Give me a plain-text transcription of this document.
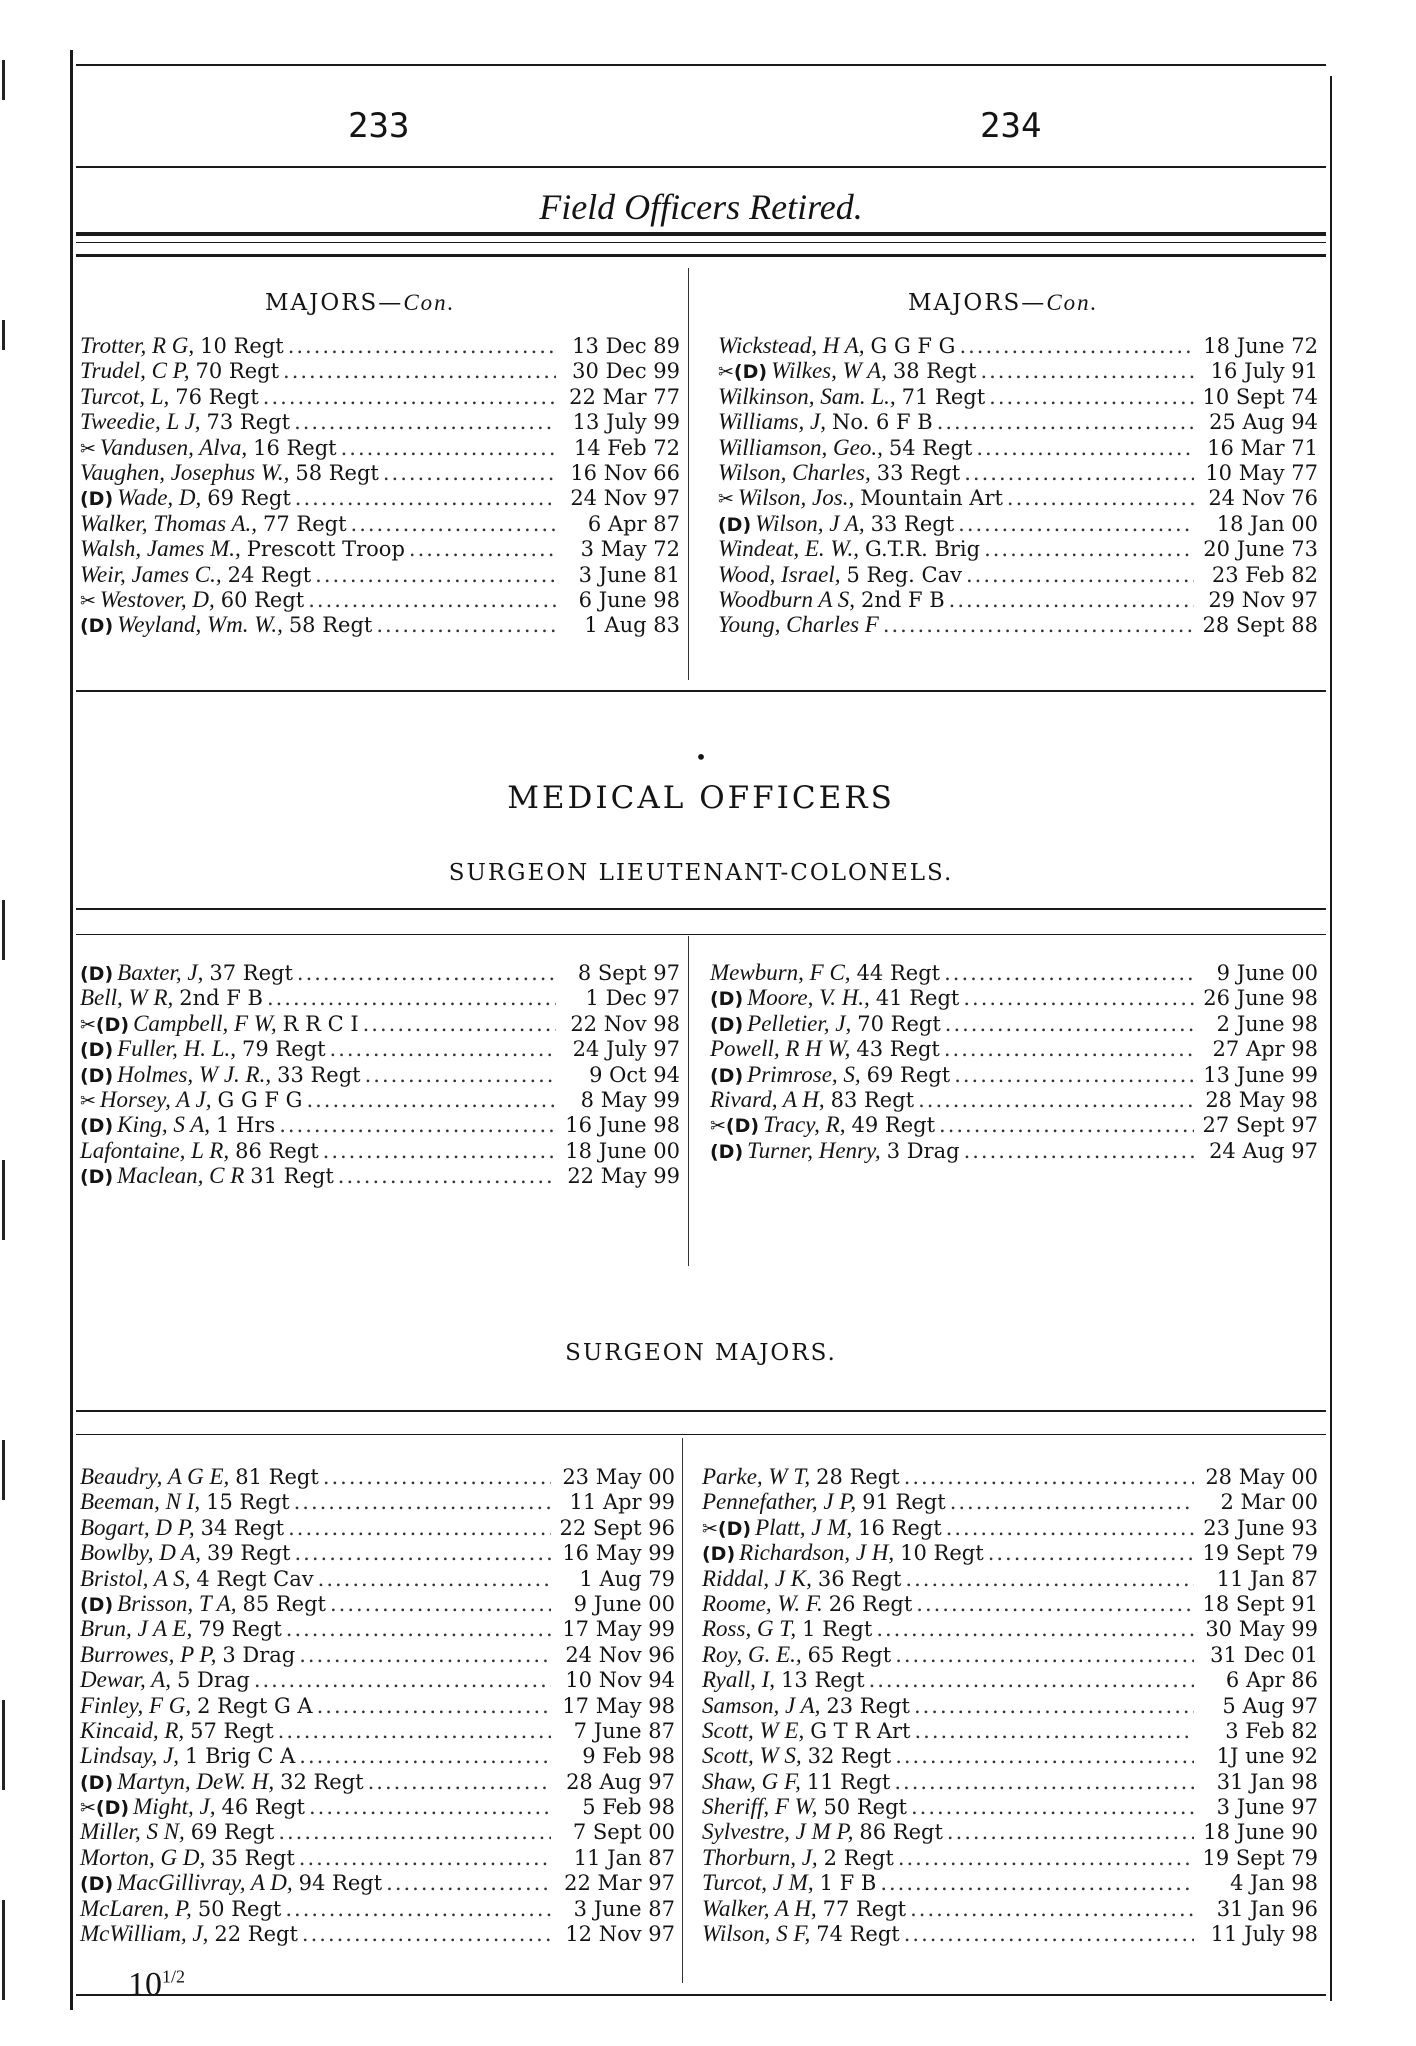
233	234
Field Officers Retired.
MAJORS—Con.	MAJORS—Con.
Trotter, R G, 10 Regt .....	13 Dec 89
Trudel, C P, 70 Regt .....	30 Dec 99
Turcot, L, 76 Regt .....	22 Mar 77
Tweedie, L J, 73 Regt .....	13 July 99
✂ Vandusen, Alva, 16 Regt .....	14 Feb 72
Vaughen, Josephus W., 58 Regt .....	16 Nov 66
(D) Wade, D, 69 Regt .....	24 Nov 97
Walker, Thomas A., 77 Regt .....	6 Apr 87
Walsh, James M., Prescott Troop .....	3 May 72
Weir, James C., 24 Regt .....	3 June 81
✂ Westover, D, 60 Regt .....	6 June 98
(D) Weyland, Wm. W., 58 Regt .....	1 Aug 83
Wickstead, H A, G G F G .....	18 June 72
✂(D) Wilkes, W A, 38 Regt .....	16 July 91
Wilkinson, Sam. L., 71 Regt .....	10 Sept 74
Williams, J, No. 6 F B .....	25 Aug 94
Williamson, Geo., 54 Regt .....	16 Mar 71
Wilson, Charles, 33 Regt .....	10 May 77
✂ Wilson, Jos., Mountain Art .....	24 Nov 76
(D) Wilson, J A, 33 Regt .....	18 Jan 00
Windeat, E. W., G.T.R. Brig .....	20 June 73
Wood, Israel, 5 Reg. Cav .....	23 Feb 82
Woodburn A S, 2nd F B .....	29 Nov 97
Young, Charles F .....	28 Sept 88
•
MEDICAL OFFICERS
SURGEON LIEUTENANT-COLONELS.
(D) Baxter, J, 37 Regt .....	8 Sept 97
Bell, W R, 2nd F B .....	1 Dec 97
✂(D) Campbell, F W, R R C I .....	22 Nov 98
(D) Fuller, H. L., 79 Regt .....	24 July 97
(D) Holmes, W J. R., 33 Regt .....	9 Oct 94
✂ Horsey, A J, G G F G .....	8 May 99
(D) King, S A, 1 Hrs .....	16 June 98
Lafontaine, L R, 86 Regt .....	18 June 00
(D) Maclean, C R 31 Regt .....	22 May 99
Mewburn, F C, 44 Regt .....	9 June 00
(D) Moore, V. H., 41 Regt .....	26 June 98
(D) Pelletier, J, 70 Regt .....	2 June 98
Powell, R H W, 43 Regt .....	27 Apr 98
(D) Primrose, S, 69 Regt .....	13 June 99
Rivard, A H, 83 Regt .....	28 May 98
✂(D) Tracy, R, 49 Regt .....	27 Sept 97
(D) Turner, Henry, 3 Drag .....	24 Aug 97
SURGEON MAJORS.
Beaudry, A G E, 81 Regt .....	23 May 00
Beeman, N I, 15 Regt .....	11 Apr 99
Bogart, D P, 34 Regt .....	22 Sept 96
Bowlby, D A, 39 Regt .....	16 May 99
Bristol, A S, 4 Regt Cav .....	1 Aug 79
(D) Brisson, T A, 85 Regt .....	9 June 00
Brun, J A E, 79 Regt .....	17 May 99
Burrowes, P P, 3 Drag .....	24 Nov 96
Dewar, A, 5 Drag .....	10 Nov 94
Finley, F G, 2 Regt G A .....	17 May 98
Kincaid, R, 57 Regt .....	7 June 87
Lindsay, J, 1 Brig C A .....	9 Feb 98
(D) Martyn, DeW. H, 32 Regt .....	28 Aug 97
✂(D) Might, J, 46 Regt .....	5 Feb 98
Miller, S N, 69 Regt .....	7 Sept 00
Morton, G D, 35 Regt .....	11 Jan 87
(D) MacGillivray, A D, 94 Regt .....	22 Mar 97
McLaren, P, 50 Regt .....	3 June 87
McWilliam, J, 22 Regt .....	12 Nov 97
Parke, W T, 28 Regt .....	28 May 00
Pennefather, J P, 91 Regt .....	2 Mar 00
✂(D) Platt, J M, 16 Regt .....	23 June 93
(D) Richardson, J H, 10 Regt .....	19 Sept 79
Riddal, J K, 36 Regt .....	11 Jan 87
Roome, W. F. 26 Regt .....	18 Sept 91
Ross, G T, 1 Regt .....	30 May 99
Roy, G. E., 65 Regt .....	31 Dec 01
Ryall, I, 13 Regt .....	6 Apr 86
Samson, J A, 23 Regt .....	5 Aug 97
Scott, W E, G T R Art .....	3 Feb 82
Scott, W S, 32 Regt .....	1J une 92
Shaw, G F, 11 Regt .....	31 Jan 98
Sheriff, F W, 50 Regt .....	3 June 97
Sylvestre, J M P, 86 Regt .....	18 June 90
Thorburn, J, 2 Regt .....	19 Sept 79
Turcot, J M, 1 F B .....	4 Jan 98
Walker, A H, 77 Regt .....	31 Jan 96
Wilson, S F, 74 Regt .....	11 July 98
$10^{1/2}$
